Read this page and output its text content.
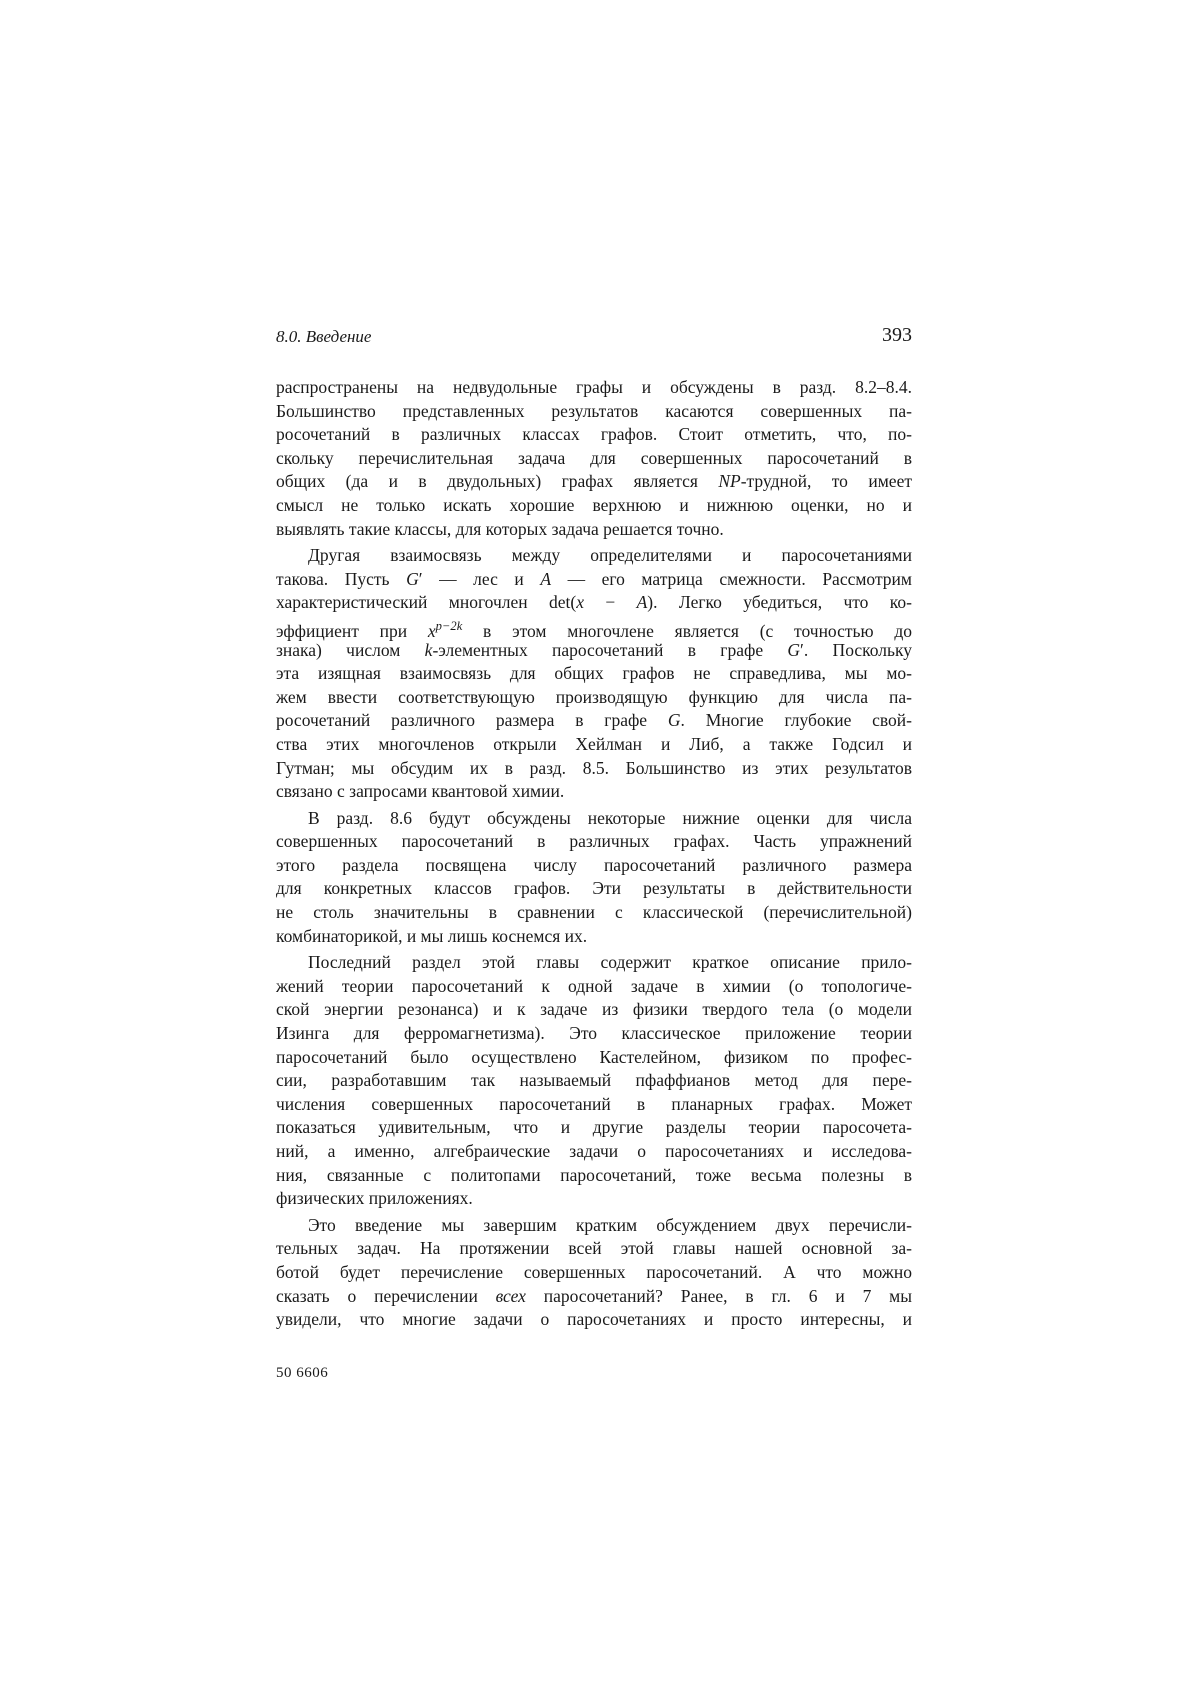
8.0. Введение	393
распространены на недвудольные графы и обсуждены в разд. 8.2–8.4.
Большинство представленных результатов касаются совершенных па-
росочетаний в различных классах графов. Стоит отметить, что, по-
скольку перечислительная задача для совершенных паросочетаний в
общих (да и в двудольных) графах является NP-трудной, то имеет
смысл не только искать хорошие верхнюю и нижнюю оценки, но и
выявлять такие классы, для которых задача решается точно.
Другая взаимосвязь между определителями и паросочетаниями
такова. Пусть G′ — лес и A — его матрица смежности. Рассмотрим
характеристический многочлен det(x − A). Легко убедиться, что ко-
эффициент при $x^{p-2k}$ в этом многочлене является (с точностью до
знака) числом k-элементных паросочетаний в графе G′. Поскольку
эта изящная взаимосвязь для общих графов не справедлива, мы мо-
жем ввести соответствующую производящую функцию для числа па-
росочетаний различного размера в графе G. Многие глубокие свой-
ства этих многочленов открыли Хейлман и Либ, а также Годсил и
Гутман; мы обсудим их в разд. 8.5. Большинство из этих результатов
связано с запросами квантовой химии.
В разд. 8.6 будут обсуждены некоторые нижние оценки для числа
совершенных паросочетаний в различных графах. Часть упражнений
этого раздела посвящена числу паросочетаний различного размера
для конкретных классов графов. Эти результаты в действительности
не столь значительны в сравнении с классической (перечислительной)
комбинаторикой, и мы лишь коснемся их.
Последний раздел этой главы содержит краткое описание прило-
жений теории паросочетаний к одной задаче в химии (о топологиче-
ской энергии резонанса) и к задаче из физики твердого тела (о модели
Изинга для ферромагнетизма). Это классическое приложение теории
паросочетаний было осуществлено Кастелейном, физиком по профес-
сии, разработавшим так называемый пфаффианов метод для пере-
числения совершенных паросочетаний в планарных графах. Может
показаться удивительным, что и другие разделы теории паросочета-
ний, а именно, алгебраические задачи о паросочетаниях и исследова-
ния, связанные с политопами паросочетаний, тоже весьма полезны в
физических приложениях.
Это введение мы завершим кратким обсуждением двух перечисли-
тельных задач. На протяжении всей этой главы нашей основной за-
ботой будет перечисление совершенных паросочетаний. А что можно
сказать о перечислении всех паросочетаний? Ранее, в гл. 6 и 7 мы
увидели, что многие задачи о паросочетаниях и просто интересны, и
50 6606
